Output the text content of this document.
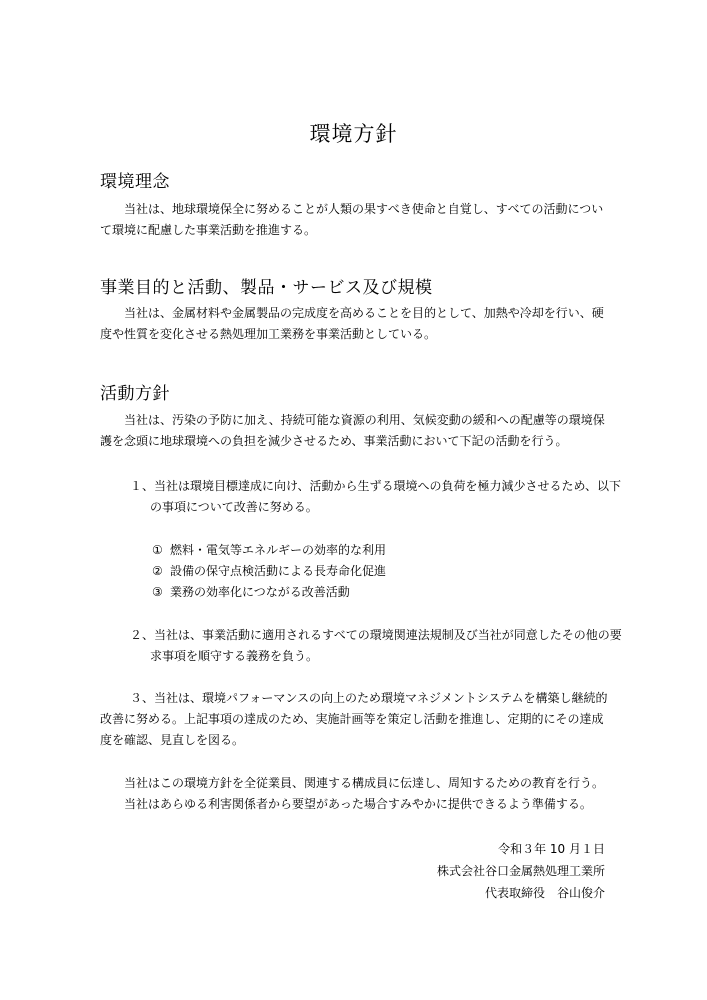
環境方針
環境理念

当社は、地球環境保全に努めることが人類の果すべき使命と自覚し、すべての活動について環境に配慮した事業活動を推進する。

事業目的と活動、製品・サービス及び規模

当社は、金属材料や金属製品の完成度を高めることを目的として、加熱や冷却を行い、硬度や性質を変化させる熱処理加工業務を事業活動としている。

活動方針

当社は、汚染の予防に加え、持続可能な資源の利用、気候変動の緩和への配慮等の環境保護を念頭に地球環境への負担を減少させるため、事業活動において下記の活動を行う。

１、当社は環境目標達成に向け、活動から生ずる環境への負荷を極力減少させるため、以下の事項について改善に努める。

① 燃料・電気等エネルギーの効率的な利用
② 設備の保守点検活動による長寿命化促進
③ 業務の効率化につながる改善活動

２、当社は、事業活動に適用されるすべての環境関連法規制及び当社が同意したその他の要求事項を順守する義務を負う。

３、当社は、環境パフォーマンスの向上のため環境マネジメントシステムを構築し継続的改善に努める。上記事項の達成のため、実施計画等を策定し活動を推進し、定期的にその達成度を確認、見直しを図る。

当社はこの環境方針を全従業員、関連する構成員に伝達し、周知するための教育を行う。
当社はあらゆる利害関係者から要望があった場合すみやかに提供できるよう準備する。
令和３年 10 月１日
株式会社谷口金属熱処理工業所
代表取締役　谷山俊介
